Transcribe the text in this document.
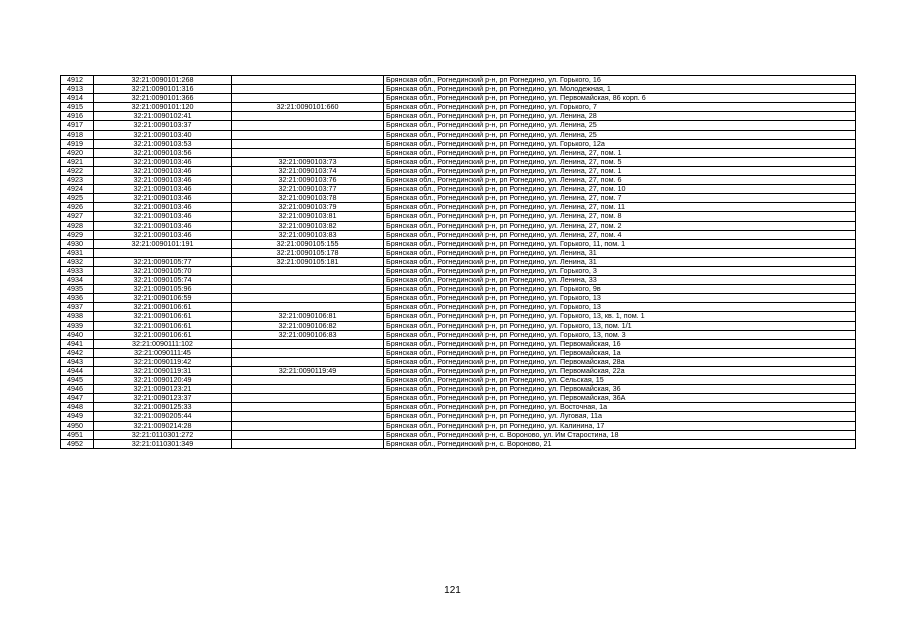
4912	32:21:0090101:268		Брянская обл., Рогнединский р-н, рп Рогнедино, ул. Горького, 16
4913	32:21:0090101:316		Брянская обл., Рогнединский р-н, рп Рогнедино, ул. Молодежная, 1
4914	32:21:0090101:366		Брянская обл., Рогнединский р-н, рп Рогнедино, ул. Первомайская, 86 корп. 6
4915	32:21:0090101:120	32:21:0090101:660	Брянская обл., Рогнединский р-н, рп Рогнедино, ул. Горького, 7
4916	32:21:0090102:41		Брянская обл., Рогнединский р-н, рп Рогнедино, ул. Ленина, 28
4917	32:21:0090103:37		Брянская обл., Рогнединский р-н, рп Рогнедино, ул. Ленина, 25
4918	32:21:0090103:40		Брянская обл., Рогнединский р-н, рп Рогнедино, ул. Ленина, 25
4919	32:21:0090103:53		Брянская обл., Рогнединский р-н, рп Рогнедино, ул. Горького, 12а
4920	32:21:0090103:56		Брянская обл., Рогнединский р-н, рп Рогнедино, ул. Ленина, 27, пом. 1
4921	32:21:0090103:46	32:21:0090103:73	Брянская обл., Рогнединский р-н, рп Рогнедино, ул. Ленина, 27, пом. 5
4922	32:21:0090103:46	32:21:0090103:74	Брянская обл., Рогнединский р-н, рп Рогнедино, ул. Ленина, 27, пом. 1
4923	32:21:0090103:46	32:21:0090103:76	Брянская обл., Рогнединский р-н, рп Рогнедино, ул. Ленина, 27, пом. 6
4924	32:21:0090103:46	32:21:0090103:77	Брянская обл., Рогнединский р-н, рп Рогнедино, ул. Ленина, 27, пом. 10
4925	32:21:0090103:46	32:21:0090103:78	Брянская обл., Рогнединский р-н, рп Рогнедино, ул. Ленина, 27, пом. 7
4926	32:21:0090103:46	32:21:0090103:79	Брянская обл., Рогнединский р-н, рп Рогнедино, ул. Ленина, 27, пом. 11
4927	32:21:0090103:46	32:21:0090103:81	Брянская обл., Рогнединский р-н, рп Рогнедино, ул. Ленина, 27, пом. 8
4928	32:21:0090103:46	32:21:0090103:82	Брянская обл., Рогнединский р-н, рп Рогнедино, ул. Ленина, 27, пом. 2
4929	32:21:0090103:46	32:21:0090103:83	Брянская обл., Рогнединский р-н, рп Рогнедино, ул. Ленина, 27, пом. 4
4930	32:21:0090101:191	32:21:0090105:155	Брянская обл., Рогнединский р-н, рп Рогнедино, ул. Горького, 11, пом. 1
4931		32:21:0090105:178	Брянская обл., Рогнединский р-н, рп Рогнедино, ул. Ленина, 31
4932	32:21:0090105:77	32:21:0090105:181	Брянская обл., Рогнединский р-н, рп Рогнедино, ул. Ленина, 31
4933	32:21:0090105:70		Брянская обл., Рогнединский р-н, рп Рогнедино, ул. Горького, 3
4934	32:21:0090105:74		Брянская обл., Рогнединский р-н, рп Рогнедино, ул. Ленина, 33
4935	32:21:0090105:96		Брянская обл., Рогнединский р-н, рп Рогнедино, ул. Горького, 9в
4936	32:21:0090106:59		Брянская обл., Рогнединский р-н, рп Рогнедино, ул. Горького, 13
4937	32:21:0090106:61		Брянская обл., Рогнединский р-н, рп Рогнедино, ул. Горького, 13
4938	32:21:0090106:61	32:21:0090106:81	Брянская обл., Рогнединский р-н, рп Рогнедино, ул. Горького, 13, кв. 1, пом. 1
4939	32:21:0090106:61	32:21:0090106:82	Брянская обл., Рогнединский р-н, рп Рогнедино, ул. Горького, 13, пом. 1/1
4940	32:21:0090106:61	32:21:0090106:83	Брянская обл., Рогнединский р-н, рп Рогнедино, ул. Горького, 13, пом. 3
4941	32:21:0090111:102		Брянская обл., Рогнединский р-н, рп Рогнедино, ул. Первомайская, 16
4942	32:21:0090111:45		Брянская обл., Рогнединский р-н, рп Рогнедино, ул. Первомайская, 1а
4943	32:21:0090119:42		Брянская обл., Рогнединский р-н, рп Рогнедино, ул. Первомайская, 28а
4944	32:21:0090119:31	32:21:0090119:49	Брянская обл., Рогнединский р-н, рп Рогнедино, ул. Первомайская, 22а
4945	32:21:0090120:49		Брянская обл., Рогнединский р-н, рп Рогнедино, ул. Сельская, 15
4946	32:21:0090123:21		Брянская обл., Рогнединский р-н, рп Рогнедино, ул. Первомайская, 36
4947	32:21:0090123:37		Брянская обл., Рогнединский р-н, рп Рогнедино, ул. Первомайская, 36А
4948	32:21:0090125:33		Брянская обл., Рогнединский р-н, рп Рогнедино, ул. Восточная, 1а
4949	32:21:0090205:44		Брянская обл., Рогнединский р-н, рп Рогнедино, ул. Луговая, 11а
4950	32:21:0090214:28		Брянская обл., Рогнединский р-н, рп Рогнедино, ул. Калинина, 17
4951	32:21:0110301:272		Брянская обл., Рогнединский р-н, с. Вороново, ул. Им Старостина, 18
4952	32:21:0110301:349		Брянская обл., Рогнединский р-н, с. Вороново, 21
121
